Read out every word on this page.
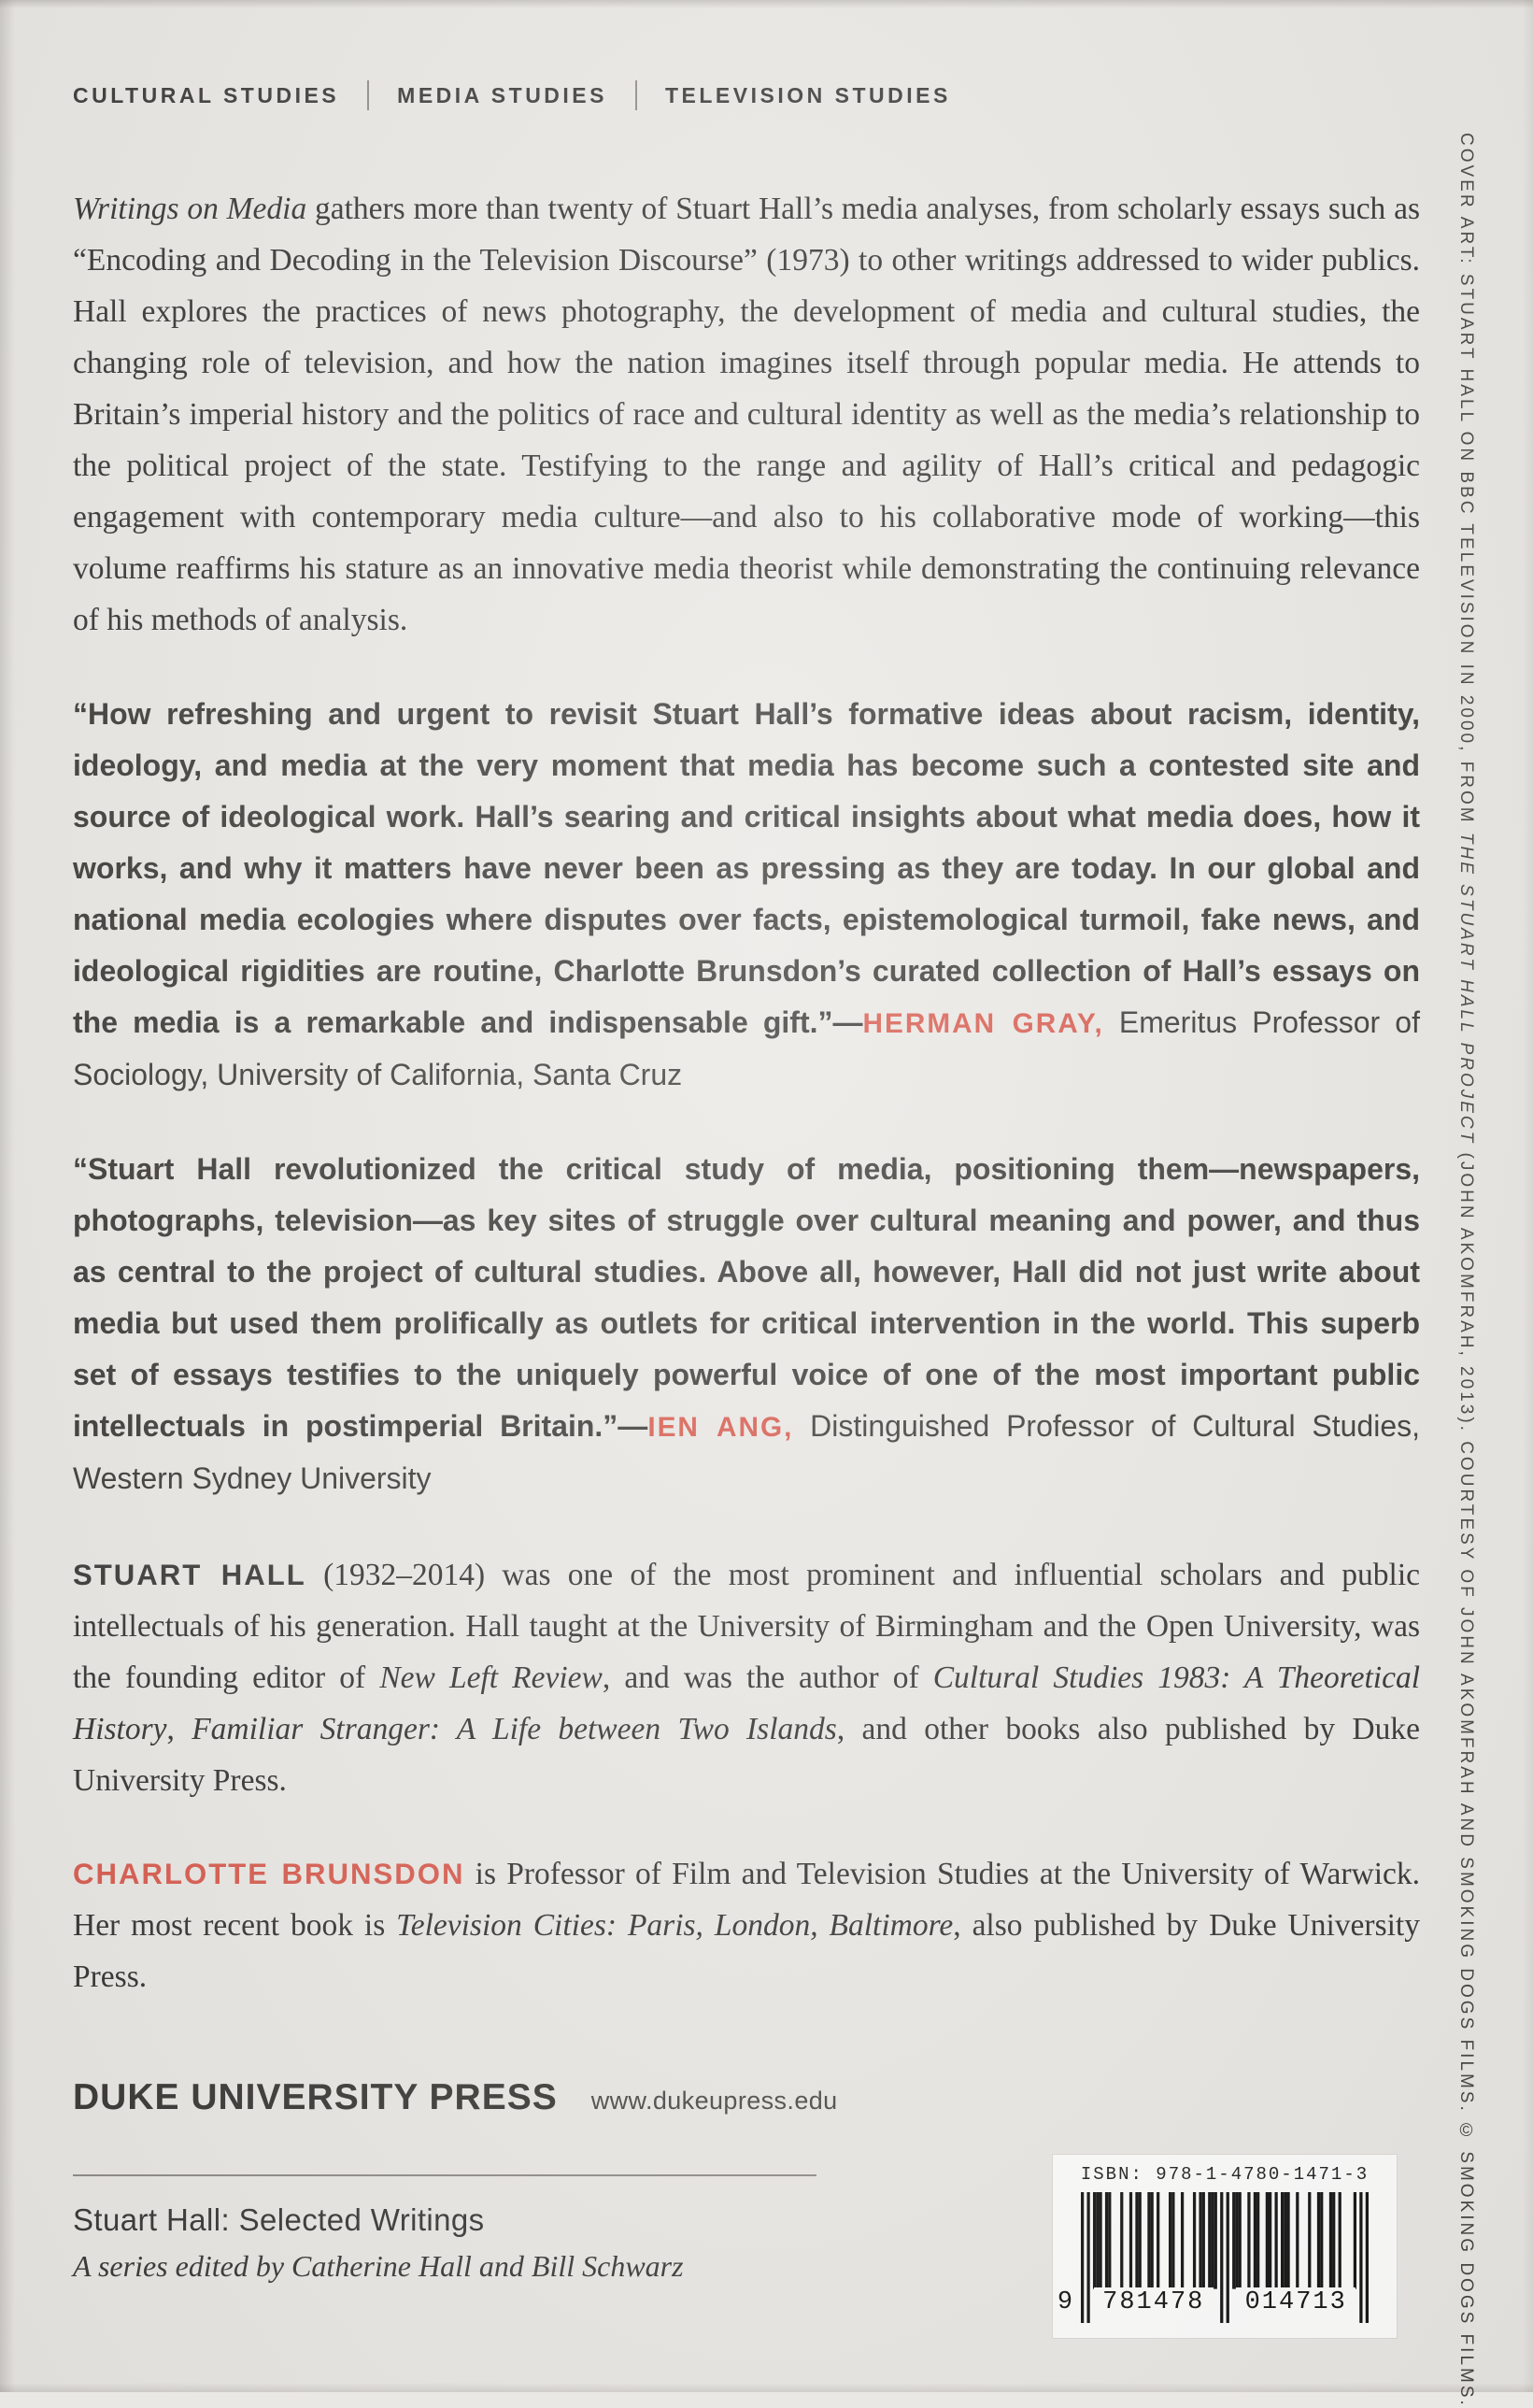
CULTURAL STUDIES	MEDIA STUDIES	TELEVISION STUDIES

Writings on Media gathers more than twenty of Stuart Hall’s media analyses, from scholarly essays such as “Encoding and Decoding in the Television Discourse” (1973) to other writings addressed to wider publics. Hall explores the practices of news photography, the development of media and cultural studies, the changing role of television, and how the nation imagines itself through popular media. He attends to Britain’s imperial history and the politics of race and cultural identity as well as the media’s relationship to the political project of the state. Testifying to the range and agility of Hall’s critical and pedagogic engagement with contemporary media culture—and also to his collaborative mode of working—this volume reaffirms his stature as an innovative media theorist while demonstrating the continuing relevance of his methods of analysis.

“How refreshing and urgent to revisit Stuart Hall’s formative ideas about racism, identity, ideology, and media at the very moment that media has become such a contested site and source of ideological work. Hall’s searing and critical insights about what media does, how it works, and why it matters have never been as pressing as they are today. In our global and national media ecologies where disputes over facts, epistemological turmoil, fake news, and ideological rigidities are routine, Charlotte Brunsdon’s curated collection of Hall’s essays on the media is a remarkable and indispensable gift.”—HERMAN GRAY, Emeritus Professor of Sociology, University of California, Santa Cruz

“Stuart Hall revolutionized the critical study of media, positioning them—newspapers, photographs, television—as key sites of struggle over cultural meaning and power, and thus as central to the project of cultural studies. Above all, however, Hall did not just write about media but used them prolifically as outlets for critical intervention in the world. This superb set of essays testifies to the uniquely powerful voice of one of the most important public intellectuals in postimperial Britain.”—IEN ANG, Distinguished Professor of Cultural Studies, Western Sydney University

STUART HALL (1932–2014) was one of the most prominent and influential scholars and public intellectuals of his generation. Hall taught at the University of Birmingham and the Open University, was the founding editor of New Left Review, and was the author of Cultural Studies 1983: A Theoretical History, Familiar Stranger: A Life between Two Islands, and other books also published by Duke University Press.

CHARLOTTE BRUNSDON is Professor of Film and Television Studies at the University of Warwick. Her most recent book is Television Cities: Paris, London, Baltimore, also published by Duke University Press.

DUKE UNIVERSITY PRESS www.dukeupress.edu
Stuart Hall: Selected Writings
A series edited by Catherine Hall and Bill Schwarz
ISBN: 978-1-4780-1471-3
9	781478	014713
COVER ART: STUART HALL ON BBC TELEVISION IN 2000, FROM THE STUART HALL PROJECT (JOHN AKOMFRAH, 2013). COURTESY OF JOHN AKOMFRAH AND SMOKING DOGS FILMS. © SMOKING DOGS FILMS.
